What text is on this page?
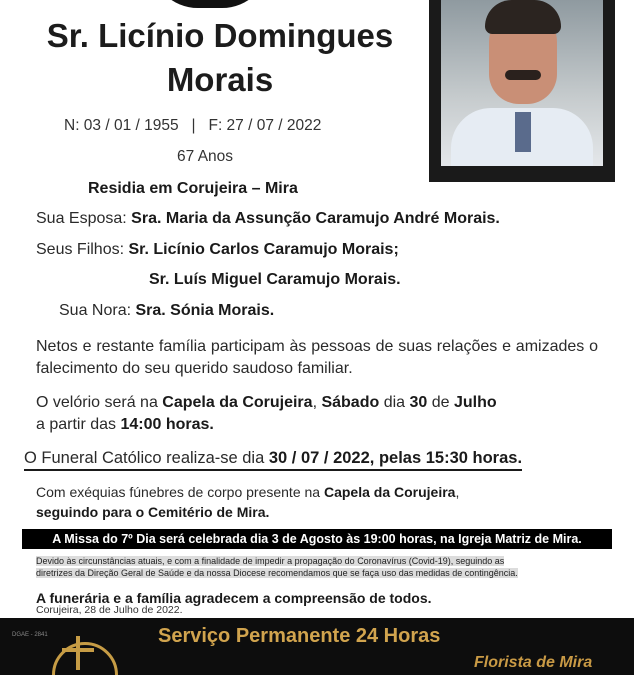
Sr. Licínio Domingues
Morais
N: 03 / 01 / 1955   |   F: 27 / 07 / 2022
67 Anos
Residia em Corujeira – Mira
Sua Esposa: Sra. Maria da Assunção Caramujo André Morais.
Seus Filhos: Sr. Licínio Carlos Caramujo Morais;
Sr. Luís Miguel Caramujo Morais.
Sua Nora: Sra. Sónia Morais.
Netos e restante família participam às pessoas de suas relações e amizades o falecimento do seu querido saudoso familiar.
O velório será na Capela da Corujeira, Sábado dia 30 de Julho
a partir das 14:00 horas.
O Funeral Católico realiza-se dia 30 / 07 / 2022, pelas 15:30 horas.
Com exéquias fúnebres de corpo presente na Capela da Corujeira,
seguindo para o Cemitério de Mira.
A Missa do 7º Dia será celebrada dia 3 de Agosto às 19:00 horas, na Igreja Matriz de Mira.
Devido às circunstâncias atuais, e com a finalidade de impedir a propagação do Coronavírus (Covid-19), seguindo as
diretrizes da Direção Geral de Saúde e da nossa Diocese recomendamos que se faça uso das medidas de contingência.
A funerária e a família agradecem a compreensão de todos.
Corujeira, 28 de Julho de 2022.
DGAE - 2841	Serviço Permanente 24 Horas
Florista de Mira
